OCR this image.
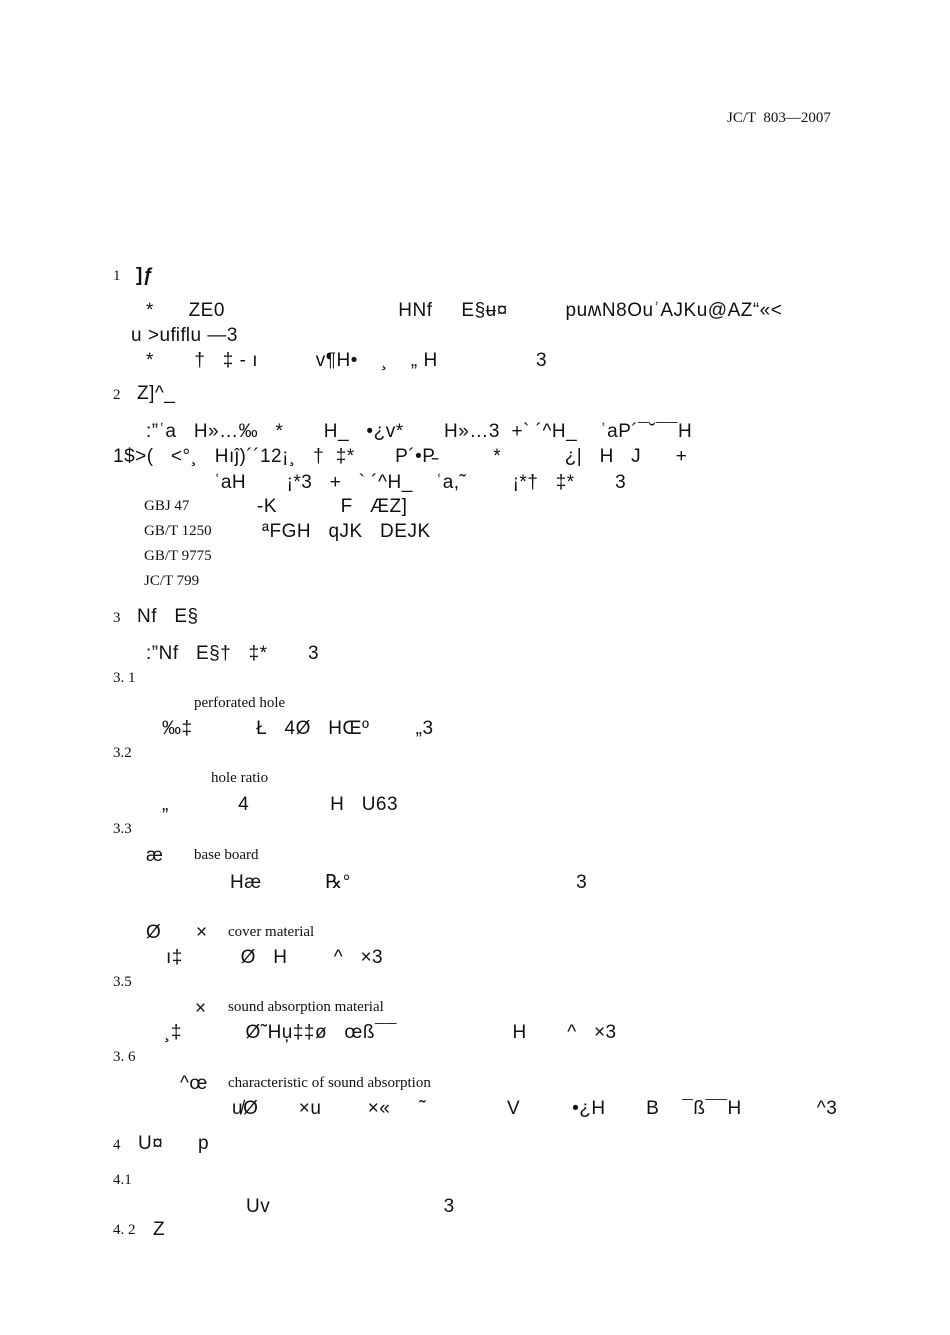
JC/T  803—2007
1 ]ƒ
*      ZE0                              HNf     E§ʉ¤          puʍN8OuʾAJKu@AZ“«<
u >uﬁﬂu —3
*       †   ‡ - ı          v¶H•    ¸    „ H                 3
2 Z]^_
:”ʿa   H»…‰   *       H_   •¿v*       H»…3  +` ´^H_    ʿaP´¯˘¯¯H
1$>(   <°¸   Hıĵ)´´12¡¸   †  ‡*       P´•P̵          *           ¿|   H   J      +
ʿaH       ¡*3   +   ` ´^H_    ʿa,˜        ¡*†   ‡*       3
GBJ 47	-K           F   ÆZ]
GB/T 1250	ªFGH   qJK   DEJK
GB/T 9775
JC/T 799
3 Nf   E§
:”Nf   E§†   ‡*       3
3. 1
perforated hole
‰‡           Ł   4Ø   HŒº        „3
3.2
hole ratio
„            4              H   U63
3.3
æ base board
Hæ           ℞°                                       3
Ø      × cover material
ı‡          Ø   H        ^   ×3
3.5
× sound absorption material
¸‡           Ø˜Hu̦‡‡ø   œß¯¯                    H       ^   ×3
3. 6
^œ characteristic of sound absorption
u̸Ø       ×u        ×«     ˜              V         •¿H       B    ¯ß¯¯H             ^3
4 U¤      p
4.1
Uv                              3
4. 2 Z
